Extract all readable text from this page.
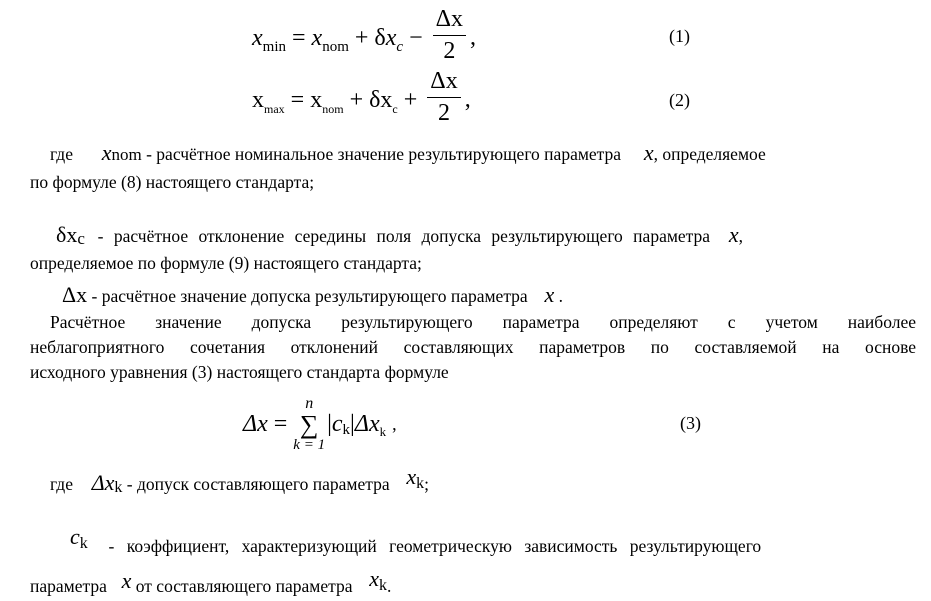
$x_{min} = x_{nom} + \delta x_c - \frac{\Delta x}{2}$ ,	(1)
$x_{max} = x_{nom} + \delta x_c + \frac{\Delta x}{2}$ ,	(2)
где xnom - расчётное номинальное значение результирующего параметра x, определяемое
по формуле (8) настоящего стандарта;
δxc - расчётное отклонение середины поля допуска результирующего параметра x,
определяемое по формуле (9) настоящего стандарта;
Δx - расчётное значение допуска результирующего параметра x .
Расчётное значение допуска результирующего параметра определяют с учетом наиболее
неблагоприятного сочетания отклонений составляющих параметров по составляемой на основе
исходного уравнения (3) настоящего стандарта формуле
Δx =
n
∑
k = 1
| c k | Δx k ,	(3)
где Δxk - допуск составляющего параметра xk;
ck - коэффициент, характеризующий геометрическую зависимость результирующего
параметра x от составляющего параметра xk.
